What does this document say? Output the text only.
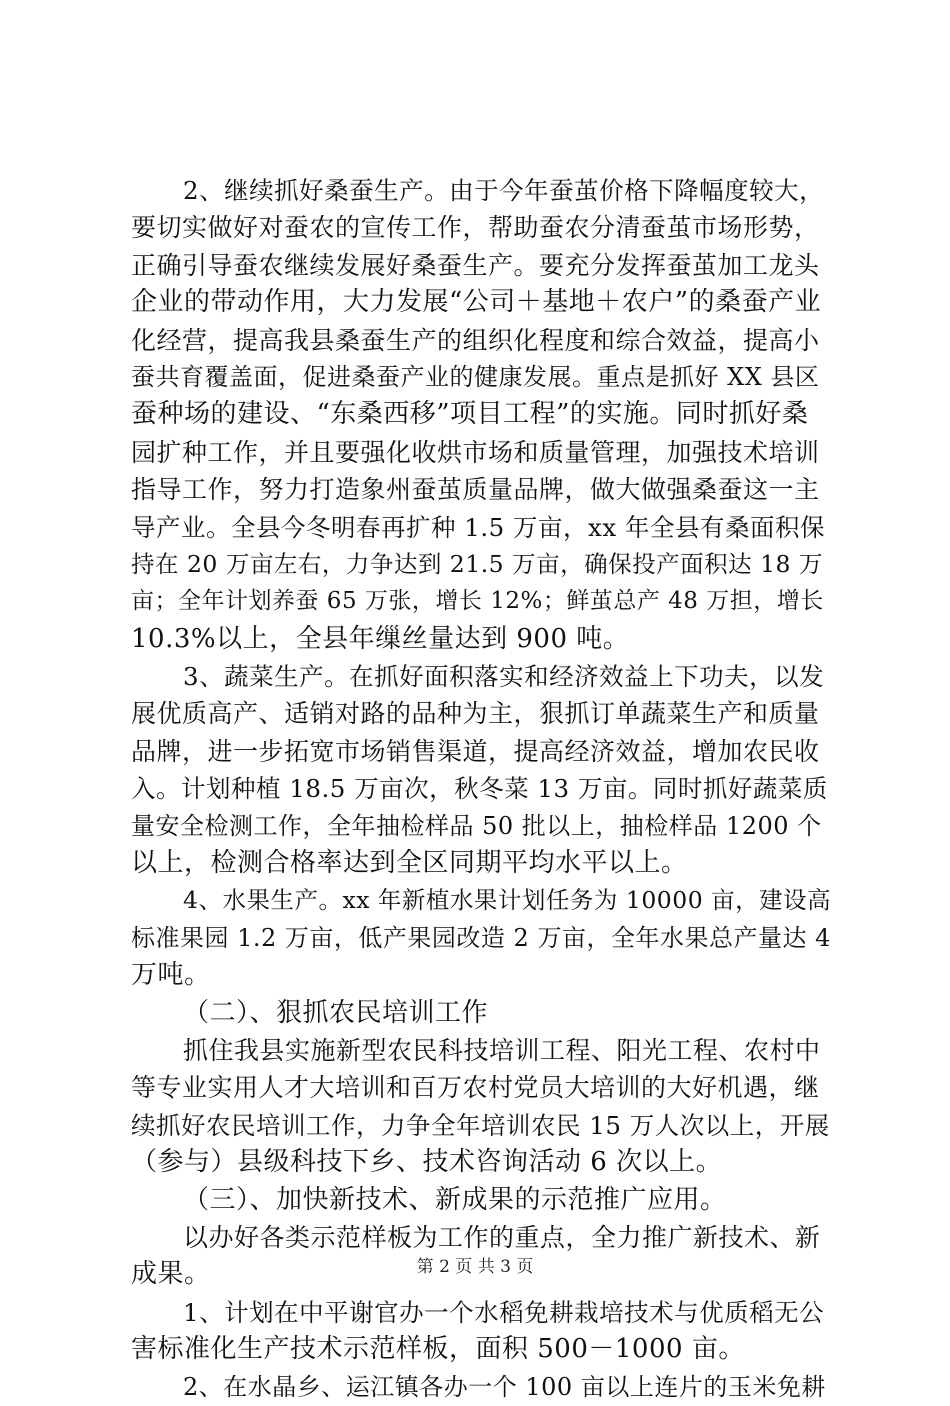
2、继续抓好桑蚕生产。由于今年蚕茧价格下降幅度较大，
要切实做好对蚕农的宣传工作，帮助蚕农分清蚕茧市场形势，
正确引导蚕农继续发展好桑蚕生产。要充分发挥蚕茧加工龙头
企业的带动作用，大力发展“公司＋基地＋农户”的桑蚕产业
化经营，提高我县桑蚕生产的组织化程度和综合效益，提高小
蚕共育覆盖面，促进桑蚕产业的健康发展。重点是抓好 XX 县区
蚕种场的建设、“东桑西移”项目工程”的实施。同时抓好桑
园扩种工作，并且要强化收烘市场和质量管理，加强技术培训
指导工作，努力打造象州蚕茧质量品牌，做大做强桑蚕这一主
导产业。全县今冬明春再扩种 1.5 万亩，xx 年全县有桑面积保
持在 20 万亩左右，力争达到 21.5 万亩，确保投产面积达 18 万
亩；全年计划养蚕 65 万张，增长 12%；鲜茧总产 48 万担，增长
10.3%以上，全县年缫丝量达到 900 吨。
3、蔬菜生产。在抓好面积落实和经济效益上下功夫，以发
展优质高产、适销对路的品种为主，狠抓订单蔬菜生产和质量
品牌，进一步拓宽市场销售渠道，提高经济效益，增加农民收
入。计划种植 18.5 万亩次，秋冬菜 13 万亩。同时抓好蔬菜质
量安全检测工作，全年抽检样品 50 批以上，抽检样品 1200 个
以上，检测合格率达到全区同期平均水平以上。
4、水果生产。xx 年新植水果计划任务为 10000 亩，建设高
标准果园 1.2 万亩，低产果园改造 2 万亩，全年水果总产量达 4
万吨。
（二）、狠抓农民培训工作
抓住我县实施新型农民科技培训工程、阳光工程、农村中
等专业实用人才大培训和百万农村党员大培训的大好机遇，继
续抓好农民培训工作，力争全年培训农民 15 万人次以上，开展
（参与）县级科技下乡、技术咨询活动 6 次以上。
（三）、加快新技术、新成果的示范推广应用。
以办好各类示范样板为工作的重点，全力推广新技术、新
成果。
1、计划在中平谢官办一个水稻免耕栽培技术与优质稻无公
害标准化生产技术示范样板，面积 500－1000 亩。
2、在水晶乡、运江镇各办一个 100 亩以上连片的玉米免耕
第 2 页 共 3 页
